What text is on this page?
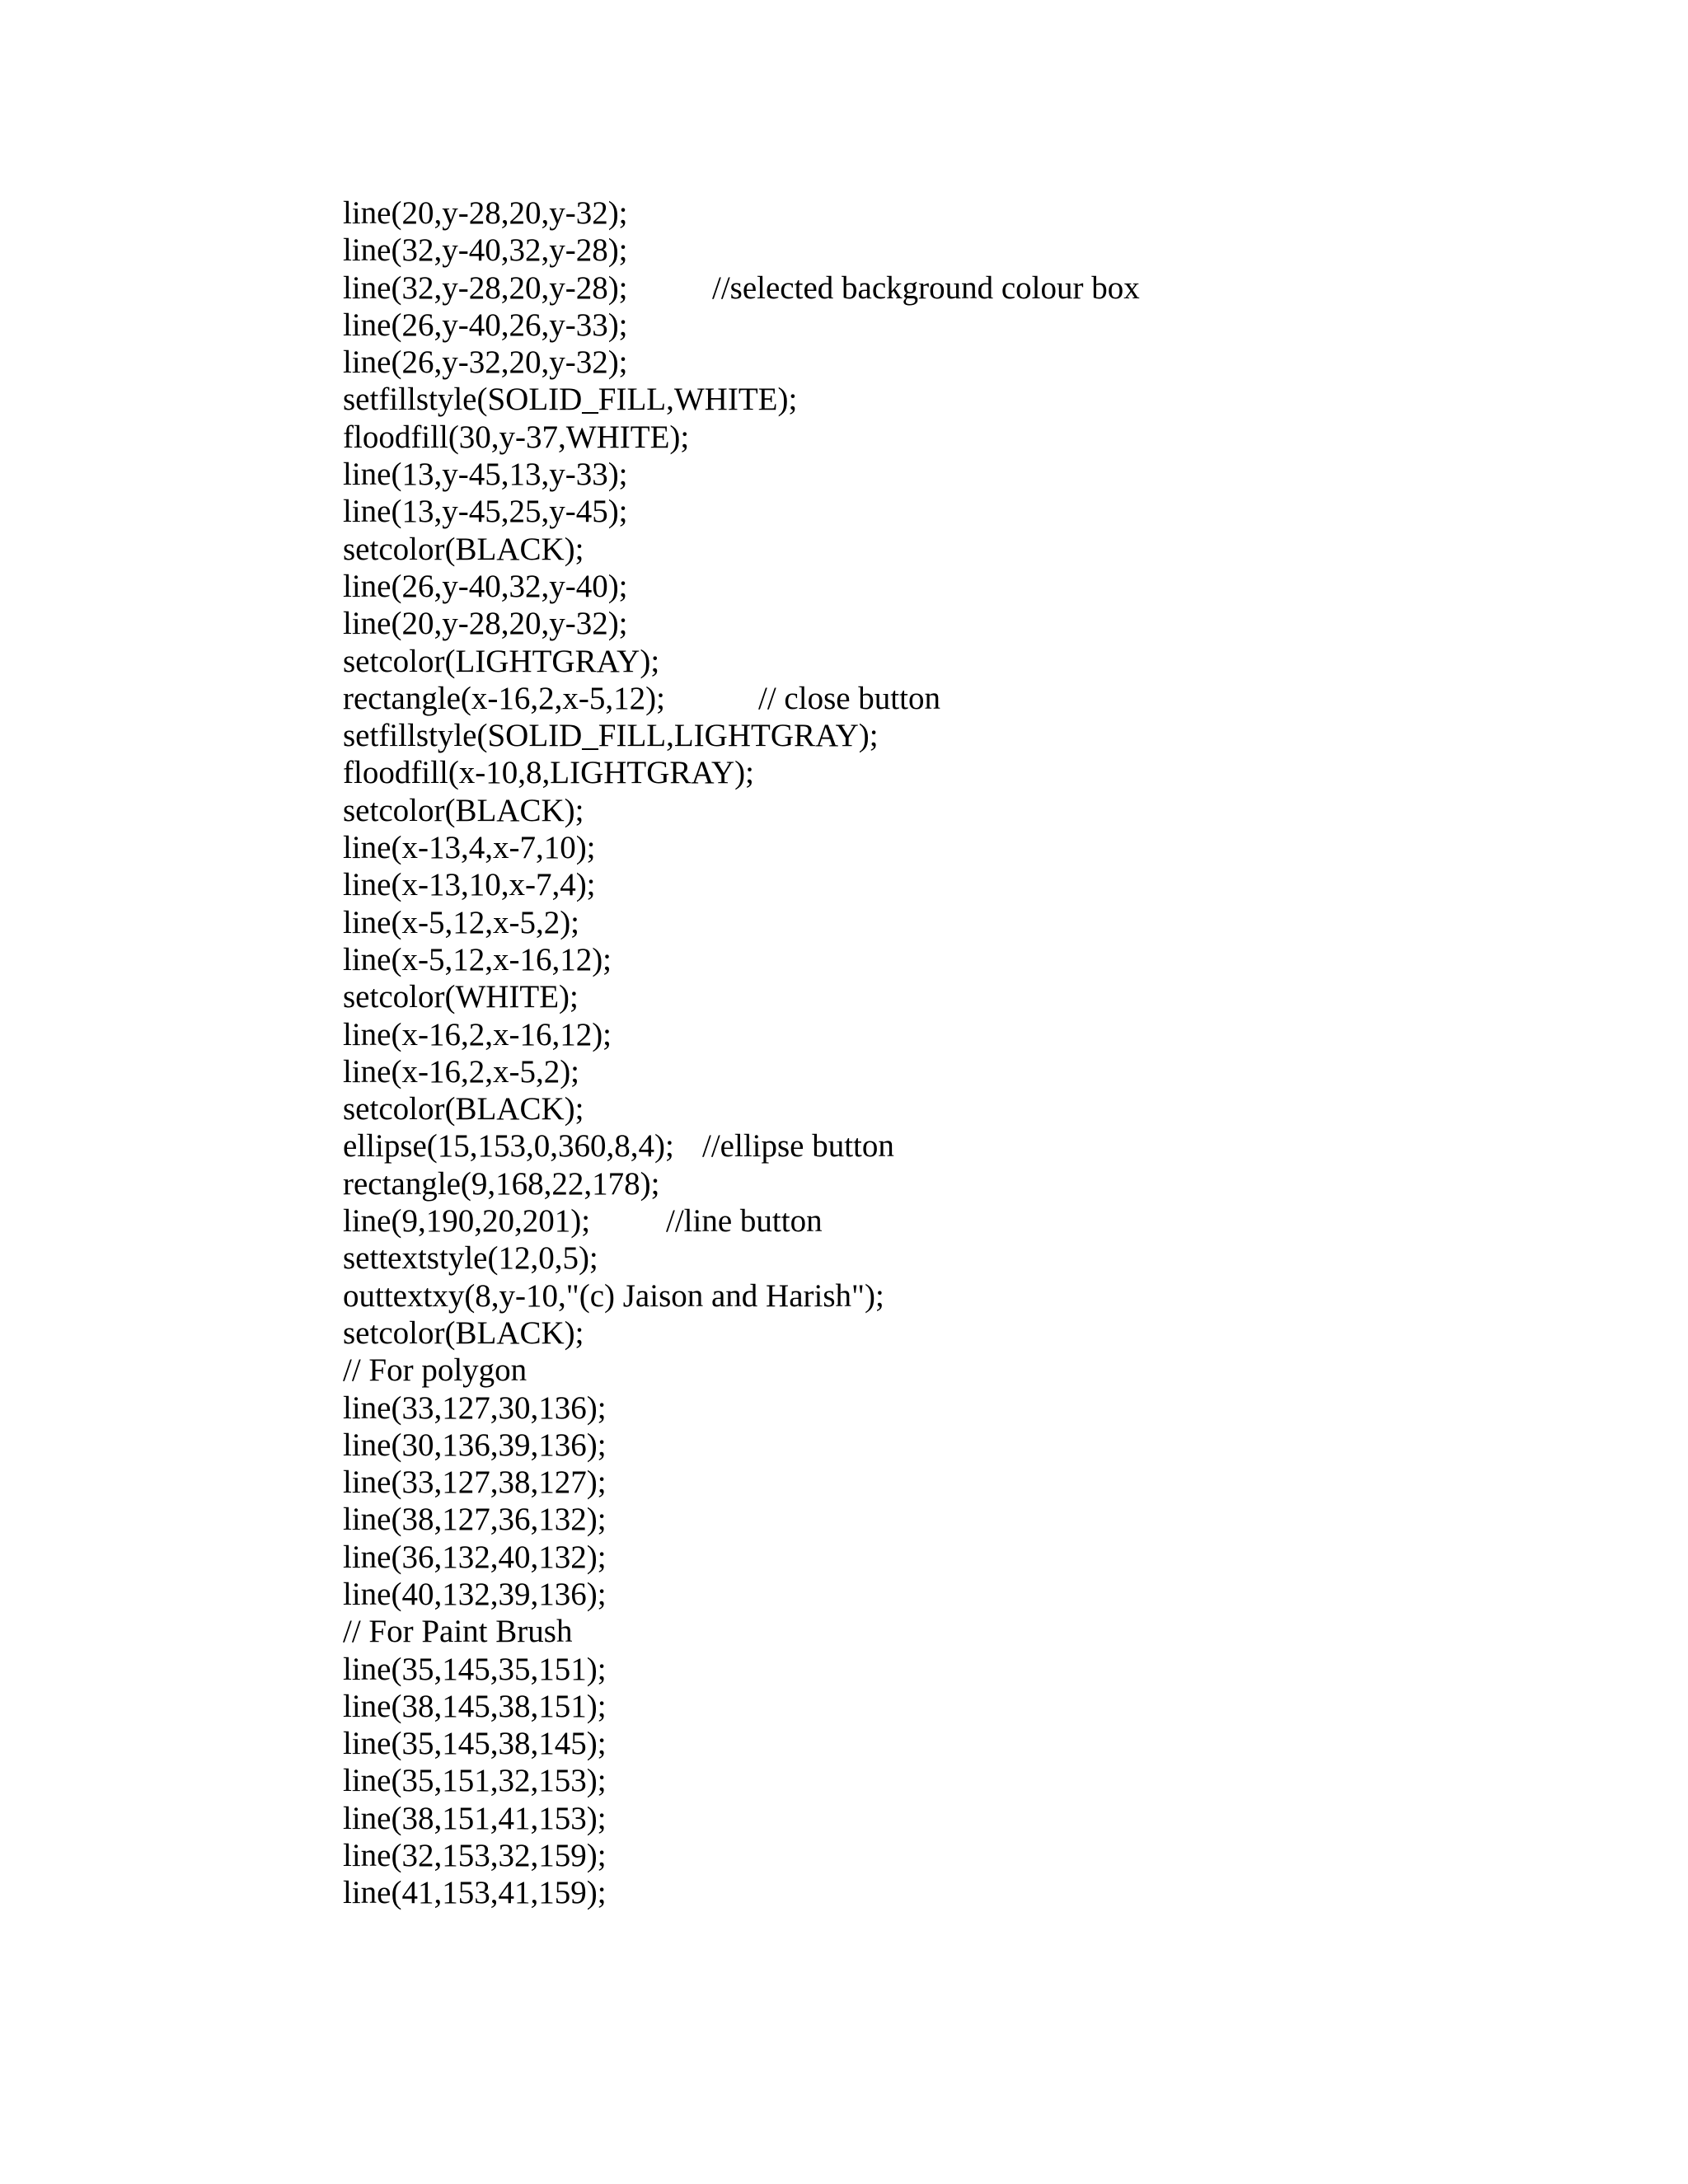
line(20,y-28,20,y-32);
line(32,y-40,32,y-28);
line(32,y-28,20,y-28);	//selected background colour box
line(26,y-40,26,y-33);
line(26,y-32,20,y-32);
setfillstyle(SOLID_FILL,WHITE);
floodfill(30,y-37,WHITE);
line(13,y-45,13,y-33);
line(13,y-45,25,y-45);
setcolor(BLACK);
line(26,y-40,32,y-40);
line(20,y-28,20,y-32);
setcolor(LIGHTGRAY);
rectangle(x-16,2,x-5,12);	// close button
setfillstyle(SOLID_FILL,LIGHTGRAY);
floodfill(x-10,8,LIGHTGRAY);
setcolor(BLACK);
line(x-13,4,x-7,10);
line(x-13,10,x-7,4);
line(x-5,12,x-5,2);
line(x-5,12,x-16,12);
setcolor(WHITE);
line(x-16,2,x-16,12);
line(x-16,2,x-5,2);
setcolor(BLACK);
ellipse(15,153,0,360,8,4); //ellipse button
rectangle(9,168,22,178);
line(9,190,20,201); //line button
settextstyle(12,0,5);
outtextxy(8,y-10,"(c) Jaison and Harish");
setcolor(BLACK);
// For polygon
line(33,127,30,136);
line(30,136,39,136);
line(33,127,38,127);
line(38,127,36,132);
line(36,132,40,132);
line(40,132,39,136);
// For Paint Brush
line(35,145,35,151);
line(38,145,38,151);
line(35,145,38,145);
line(35,151,32,153);
line(38,151,41,153);
line(32,153,32,159);
line(41,153,41,159);
